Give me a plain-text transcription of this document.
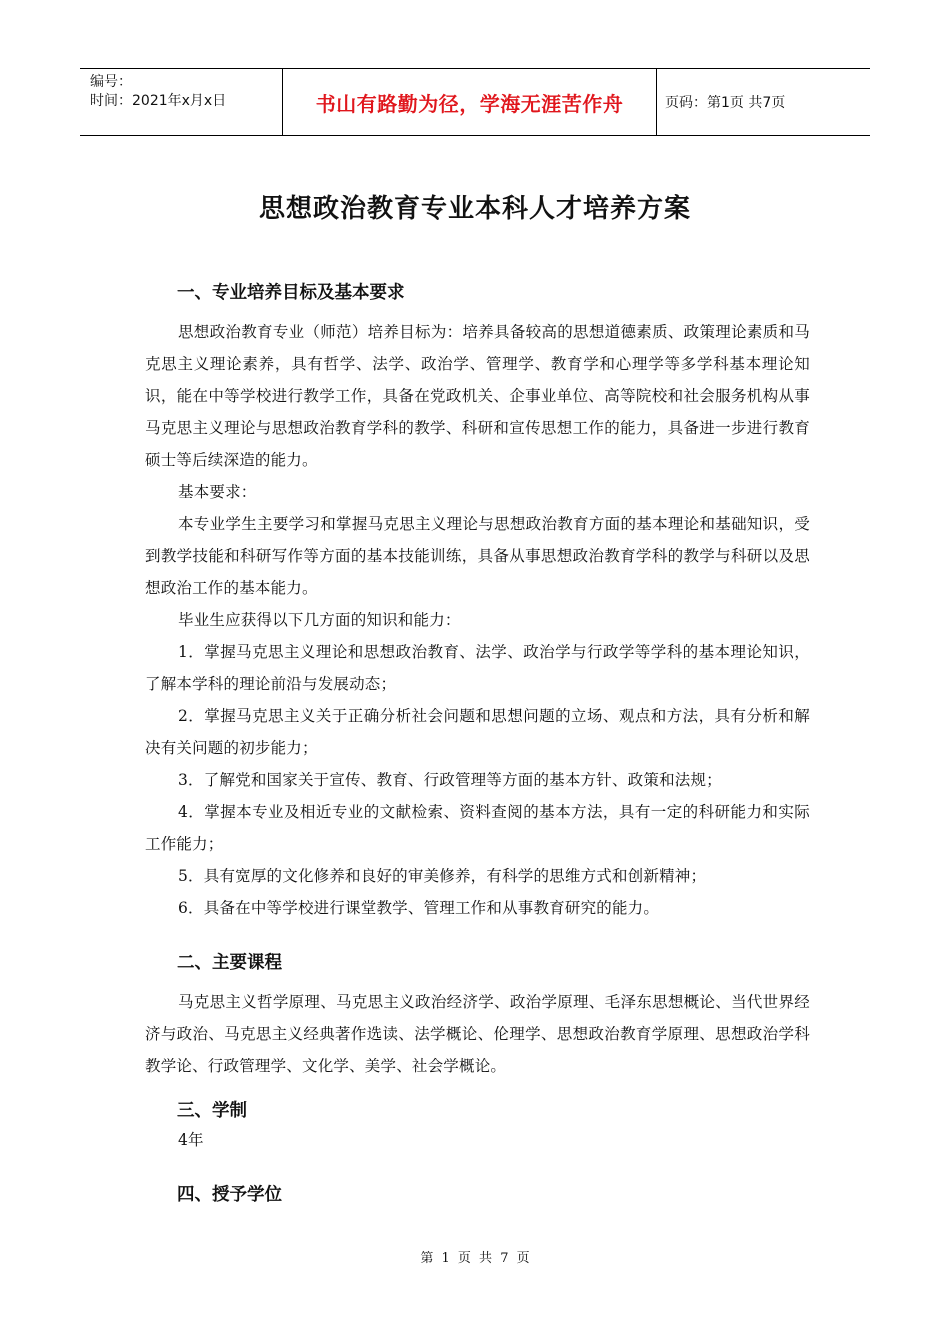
编号：
时间：2021年x月x日	书山有路勤为径，学海无涯苦作舟	页码：第1页 共7页
思想政治教育专业本科人才培养方案
一、专业培养目标及基本要求

思想政治教育专业（师范）培养目标为：培养具备较高的思想道德素质、政策理论素质和马克思主义理论素养，具有哲学、法学、政治学、管理学、教育学和心理学等多学科基本理论知识，能在中等学校进行教学工作，具备在党政机关、企事业单位、高等院校和社会服务机构从事马克思主义理论与思想政治教育学科的教学、科研和宣传思想工作的能力，具备进一步进行教育硕士等后续深造的能力。

基本要求：

本专业学生主要学习和掌握马克思主义理论与思想政治教育方面的基本理论和基础知识，受到教学技能和科研写作等方面的基本技能训练，具备从事思想政治教育学科的教学与科研以及思想政治工作的基本能力。

毕业生应获得以下几方面的知识和能力：

1．掌握马克思主义理论和思想政治教育、法学、政治学与行政学等学科的基本理论知识，了解本学科的理论前沿与发展动态；

2．掌握马克思主义关于正确分析社会问题和思想问题的立场、观点和方法，具有分析和解决有关问题的初步能力；

3．了解党和国家关于宣传、教育、行政管理等方面的基本方针、政策和法规；

4．掌握本专业及相近专业的文献检索、资料查阅的基本方法，具有一定的科研能力和实际工作能力；

5．具有宽厚的文化修养和良好的审美修养，有科学的思维方式和创新精神；

6．具备在中等学校进行课堂教学、管理工作和从事教育研究的能力。

二、主要课程

马克思主义哲学原理、马克思主义政治经济学、政治学原理、毛泽东思想概论、当代世界经济与政治、马克思主义经典著作选读、法学概论、伦理学、思想政治教育学原理、思想政治学科教学论、行政管理学、文化学、美学、社会学概论。

三、学制

4年

四、授予学位
第 1 页 共 7 页
